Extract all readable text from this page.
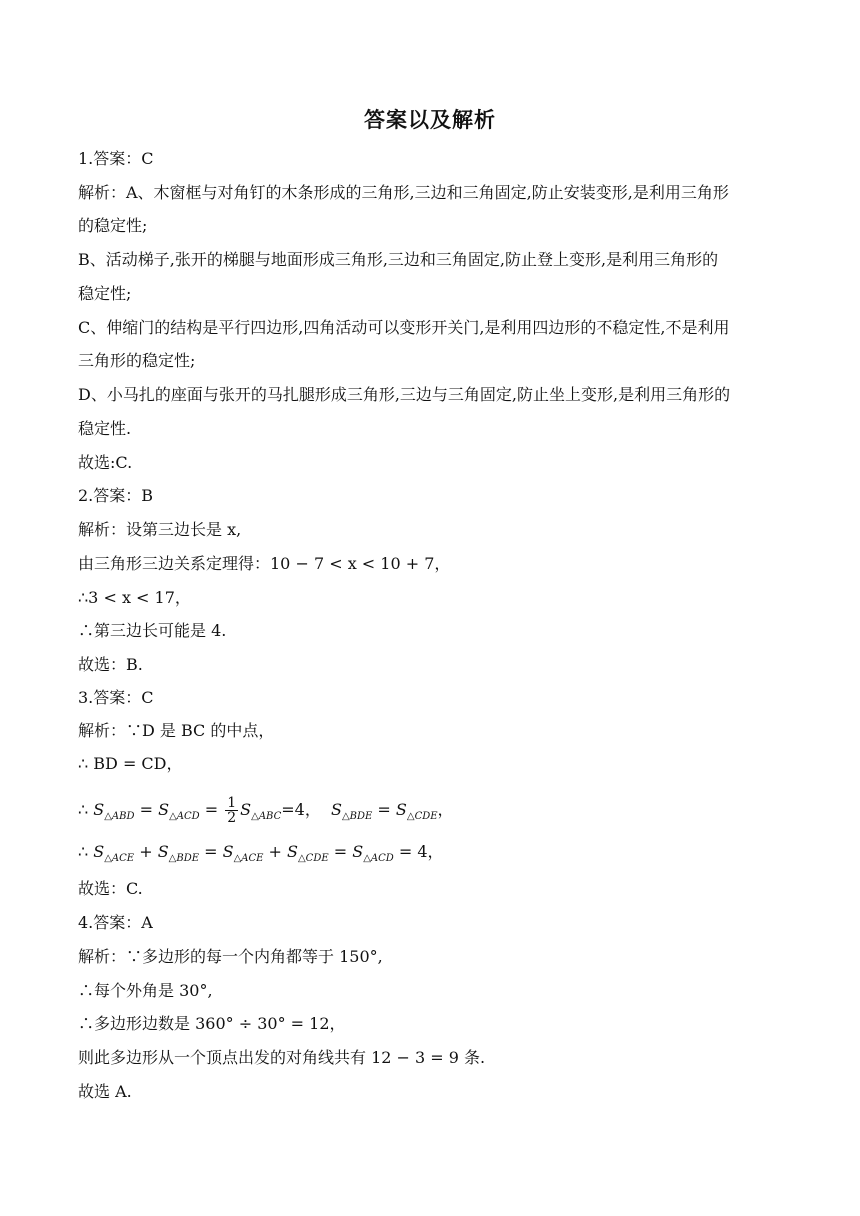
答案以及解析
1.答案：C
解析：A、木窗框与对角钉的木条形成的三角形,三边和三角固定,防止安装变形,是利用三角形
的稳定性;
B、活动梯子,张开的梯腿与地面形成三角形,三边和三角固定,防止登上变形,是利用三角形的
稳定性;
C、伸缩门的结构是平行四边形,四角活动可以变形开关门,是利用四边形的不稳定性,不是利用
三角形的稳定性;
D、小马扎的座面与张开的马扎腿形成三角形,三边与三角固定,防止坐上变形,是利用三角形的
稳定性.
故选:C.
2.答案：B
解析：设第三边长是 x,
由三角形三边关系定理得：10 − 7 < x < 10 + 7，
∴3 < x < 17，
∴第三边长可能是 4.
故选：B.
3.答案：C
解析：∵D 是 BC 的中点，
∴ BD = CD，
∴ $S_{\triangle ABD} = S_{\triangle ACD} = \frac{1}{2} S_{\triangle ABC}=4$， $S_{\triangle BDE} = S_{\triangle CDE}$，
∴ $S_{\triangle ACE} + S_{\triangle BDE} = S_{\triangle ACE} + S_{\triangle CDE} = S_{\triangle ACD} = 4$，
故选：C.
4.答案：A
解析：∵多边形的每一个内角都等于 150°,
∴每个外角是 30°,
∴多边形边数是 360° ÷ 30° = 12，
则此多边形从一个顶点出发的对角线共有 12 − 3 = 9 条.
故选 A.
